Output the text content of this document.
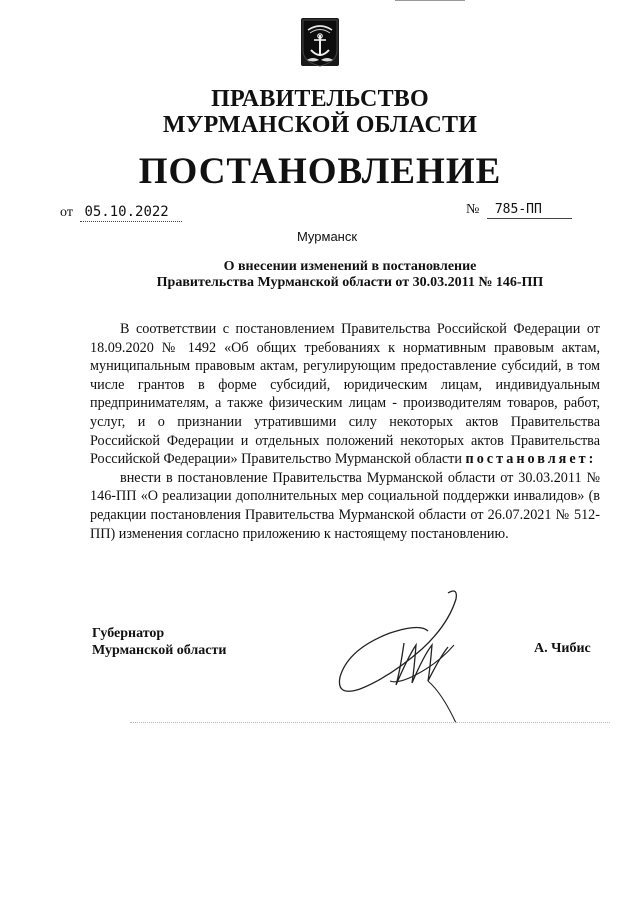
ПРАВИТЕЛЬСТВО
МУРМАНСКОЙ ОБЛАСТИ
ПОСТАНОВЛЕНИЕ
от 05.10.2022	№ 785-ПП
Мурманск
О внесении изменений в постановление
Правительства Мурманской области от 30.03.2011 № 146-ПП

В соответствии с постановлением Правительства Российской Федерации от 18.09.2020 № 1492 «Об общих требованиях к нормативным правовым актам, муниципальным правовым актам, регулирующим предоставление субсидий, в том числе грантов в форме субсидий, юридическим лицам, индивидуальным предпринимателям, а также физическим лицам - производителям товаров, работ, услуг, и о признании утратившими силу некоторых актов Правительства Российской Федерации и отдельных положений некоторых актов Правительства Российской Федерации» Правительство Мурманской области постановляет:

внести в постановление Правительства Мурманской области от 30.03.2011 № 146-ПП «О реализации дополнительных мер социальной поддержки инвалидов» (в редакции постановления Правительства Мурманской области от 26.07.2021 № 512-ПП) изменения согласно приложению к настоящему постановлению.

Губернатор
Мурманской области	А. Чибис
